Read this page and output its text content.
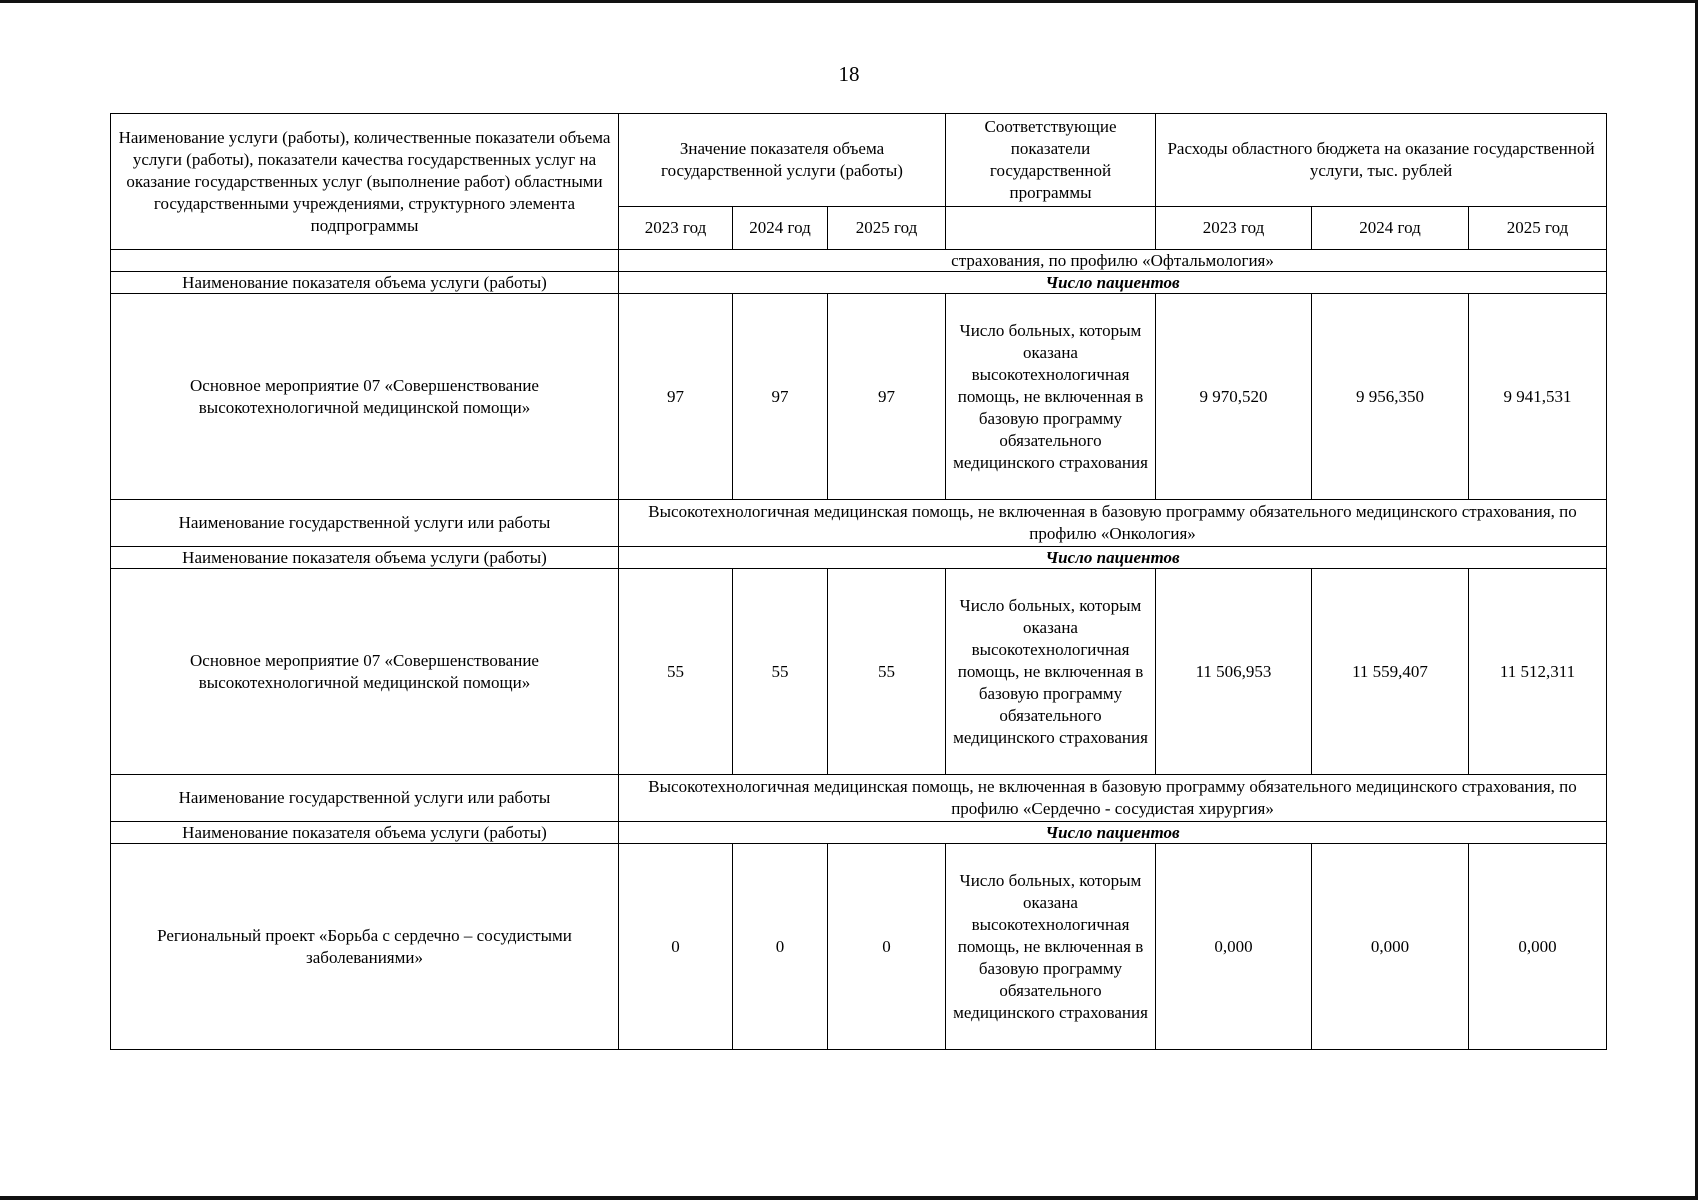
18
Наименование услуги (работы), количественные показатели объема услуги (работы), показатели качества государственных услуг на оказание государственных услуг (выполнение работ) областными государственными учреждениями, структурного элемента подпрограммы	Значение показателя объема государственной услуги (работы)			Соответствующие показатели государственной программы	Расходы областного бюджета на оказание государственной услуги, тыс. рублей		
	2023 год	2024 год	2025 год		2023 год	2024 год	2025 год
	страхования, по профилю «Офтальмология»						
Наименование показателя объема услуги (работы)	Число пациентов						
Основное мероприятие 07 «Совершенствование высокотехнологичной медицинской помощи»	97	97	97	Число больных, которым оказана высокотехнологичная помощь, не включенная в базовую программу обязательного медицинского страхования	9 970,520	9 956,350	9 941,531
Наименование государственной услуги или работы	Высокотехнологичная медицинская помощь, не включенная в базовую программу обязательного медицинского страхования, по профилю «Онкология»						
Наименование показателя объема услуги (работы)	Число пациентов						
Основное мероприятие 07 «Совершенствование высокотехнологичной медицинской помощи»	55	55	55	Число больных, которым оказана высокотехнологичная помощь, не включенная в базовую программу обязательного медицинского страхования	11 506,953	11 559,407	11 512,311
Наименование государственной услуги или работы	Высокотехнологичная медицинская помощь, не включенная в базовую программу обязательного медицинского страхования, по профилю «Сердечно - сосудистая хирургия»						
Наименование показателя объема услуги (работы)	Число пациентов						
Региональный проект «Борьба с сердечно – сосудистыми заболеваниями»	0	0	0	Число больных, которым оказана высокотехнологичная помощь, не включенная в базовую программу обязательного медицинского страхования	0,000	0,000	0,000
